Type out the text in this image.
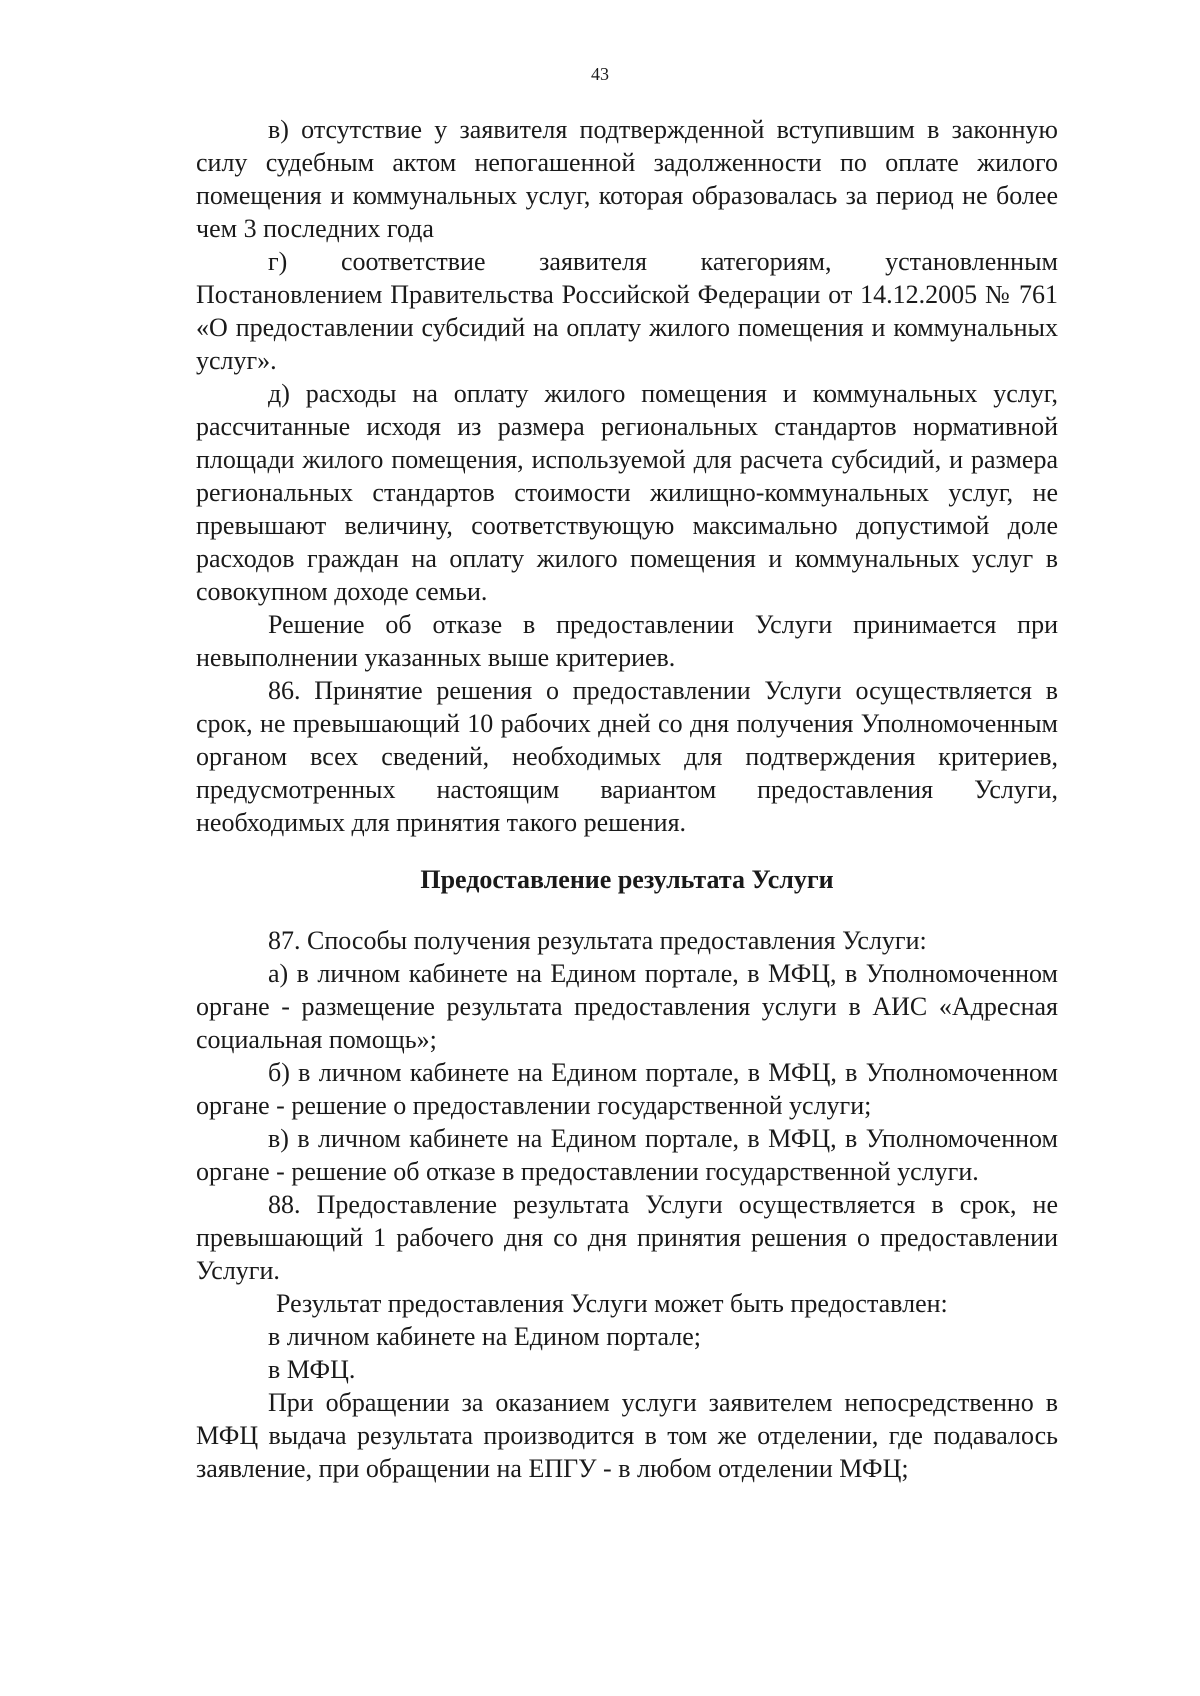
43

в) отсутствие у заявителя подтвержденной вступившим в законную силу судебным актом непогашенной задолженности по оплате жилого помещения и коммунальных услуг, которая образовалась за период не более чем 3 последних года

г) соответствие заявителя категориям, установленным Постановлением Правительства Российской Федерации от 14.12.2005 № 761 «О предоставлении субсидий на оплату жилого помещения и коммунальных услуг».

д) расходы на оплату жилого помещения и коммунальных услуг, рассчитанные исходя из размера региональных стандартов нормативной площади жилого помещения, используемой для расчета субсидий, и размера региональных стандартов стоимости жилищно-коммунальных услуг, не превышают величину, соответствующую максимально допустимой доле расходов граждан на оплату жилого помещения и коммунальных услуг в совокупном доходе семьи.

Решение об отказе в предоставлении Услуги принимается при невыполнении указанных выше критериев.

86. Принятие решения о предоставлении Услуги осуществляется в срок, не превышающий 10 рабочих дней со дня получения Уполномоченным органом всех сведений, необходимых для подтверждения критериев, предусмотренных настоящим вариантом предоставления Услуги, необходимых для принятия такого решения.

Предоставление результата Услуги

87. Способы получения результата предоставления Услуги:

а) в личном кабинете на Едином портале, в МФЦ, в Уполномоченном органе - размещение результата предоставления услуги в АИС «Адресная социальная помощь»;

б) в личном кабинете на Едином портале, в МФЦ, в Уполномоченном органе - решение о предоставлении государственной услуги;

в) в личном кабинете на Едином портале, в МФЦ, в Уполномоченном органе - решение об отказе в предоставлении государственной услуги.

88. Предоставление результата Услуги осуществляется в срок, не превышающий 1 рабочего дня со дня принятия решения о предоставлении Услуги.

Результат предоставления Услуги может быть предоставлен:

в личном кабинете на Едином портале;

в МФЦ.

При обращении за оказанием услуги заявителем непосредственно в МФЦ выдача результата производится в том же отделении, где подавалось заявление, при обращении на ЕПГУ - в любом отделении МФЦ;
